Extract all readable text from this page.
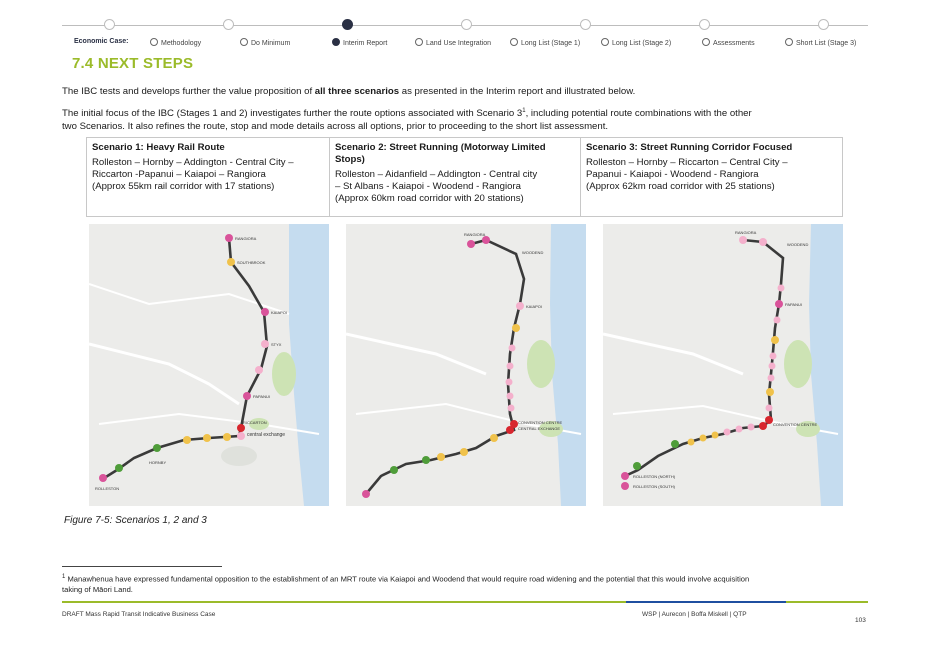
Economic Case:	Methodology	Do Minimum	Interim Report	Land Use Integration	Long List (Stage 1)	Long List (Stage 2)	Assessments	Short List (Stage 3)
7.4 NEXT STEPS
The IBC tests and develops further the value proposition of all three scenarios as presented in the Interim report and illustrated below.
The initial focus of the IBC (Stages 1 and 2) investigates further the route options associated with Scenario $3^1$, including potential route combinations with the other
two Scenarios. It also refines the route, stop and mode details across all options, prior to proceeding to the short list assessment.
Scenario 1: Heavy Rail Route
Rolleston – Hornby – Addington - Central City –
Riccarton -Papanui – Kaiapoi – Rangiora
(Approx 55km rail corridor with 17 stations)	
Scenario 2: Street Running (Motorway Limited Stops)
Rolleston – Aidanfield – Addington - Central city
– St Albans - Kaiapoi - Woodend - Rangiora
(Approx 60km road corridor with 20 stations)	
Scenario 3: Street Running Corridor Focused
Rolleston – Hornby – Riccarton – Central City –
Papanui - Kaiapoi - Woodend - Rangiora
(Approx 62km road corridor with 25 stations)
RANGIORA
SOUTHBROOK
KAIAPOI
STYX
PAPANUI
RICCARTON
central exchange
HORNBY
ROLLESTON
RANGIORA
WOODEND
KAIAPOI
CONVENTION CENTRE
CENTRAL EXCHANGE
RANGIORA
WOODEND
PAPANUI
CONVENTION CENTRE
ROLLESTON (NORTH)
ROLLESTON (SOUTH)
Figure 7-5: Scenarios 1, 2 and 3
$^1$ Manawhenua have expressed fundamental opposition to the establishment of an MRT route via Kaiapoi and Woodend that would require road widening and the potential that this would involve acquisition
taking of Māori Land.
DRAFT Mass Rapid Transit Indicative Business Case	WSP | Aurecon | Boffa Miskell | QTP
103
